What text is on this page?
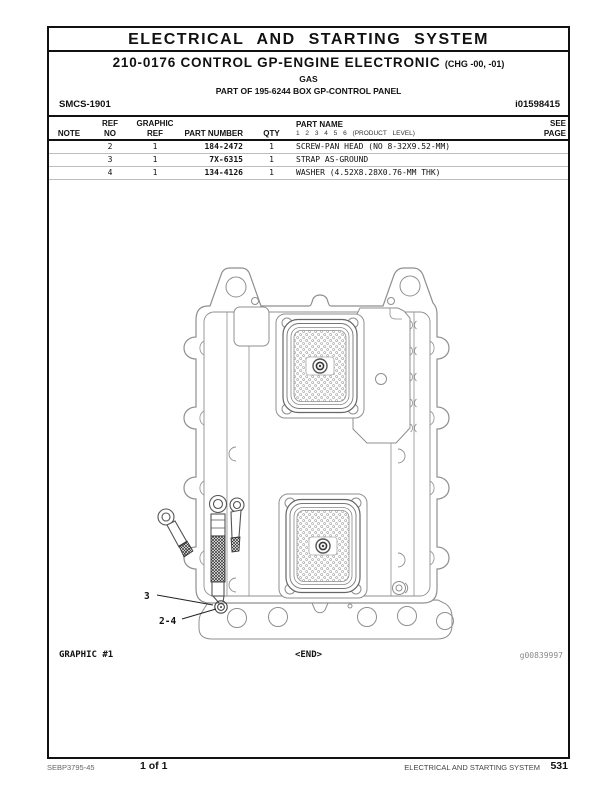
ELECTRICAL AND STARTING SYSTEM
210-0176 CONTROL GP-ENGINE ELECTRONIC (CHG -00, -01)
GAS
PART OF 195-6244 BOX GP-CONTROL PANEL
SMCS-1901	i01598415
NOTE	REF
NO	GRAPHIC
REF	PART NUMBER	QTY	PART NAME
1 2 3 4 5 6 (PRODUCT LEVEL)	SEE
PAGE

	2	1	184-2472	1	SCREW-PAN HEAD (NO 8-32X9.52-MM)	
	3	1	7X-6315	1	STRAP AS-GROUND	
	4	1	134-4126	1	WASHER (4.52X8.28X0.76-MM THK)	
GRAPHIC #1	<END>	g00839997
3
2-4
SEBP3795-45	1 of 1	ELECTRICAL AND STARTING SYSTEM 531
